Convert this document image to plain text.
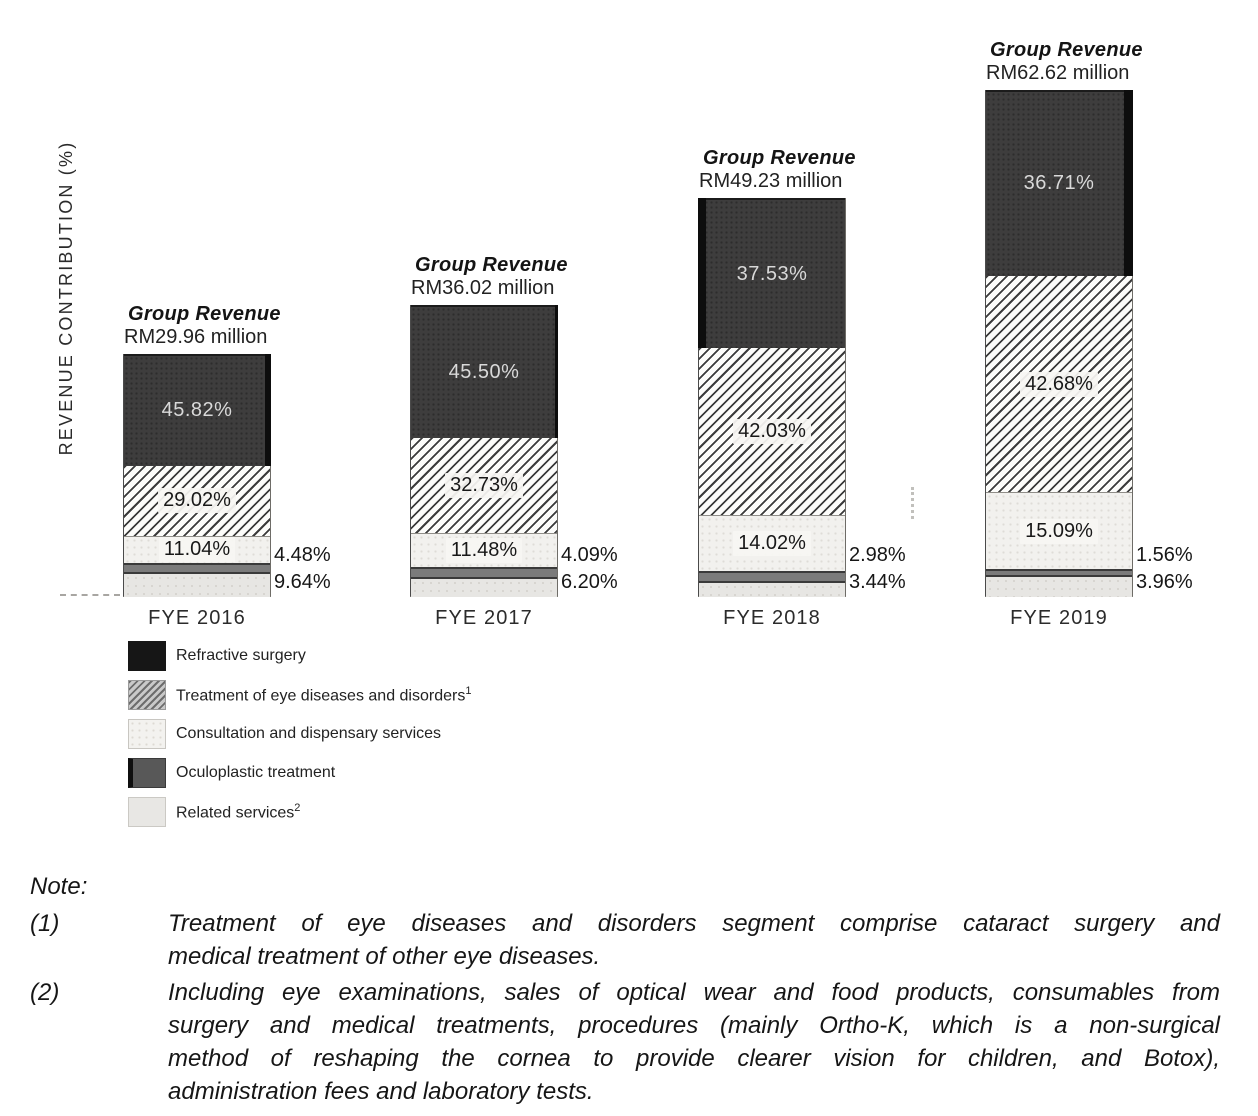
REVENUE CONTRIBUTION (%)	45.82%
29.02%
11.04% 4.48%
9.64%
Group Revenue
RM29.96 million
FYE 2016
45.50%
32.73%
11.48% 4.09%
6.20%
Group Revenue
RM36.02 million
FYE 2017
37.53%
42.03%
14.02%
2.98%
3.44%
Group Revenue
RM49.23 million
FYE 2018
36.71%
42.68%
15.09%
1.56%
3.96%
Group Revenue
RM62.62 million
FYE 2019
Refractive surgery
Treatment of eye diseases and disorders$^1$
Consultation and dispensary services
Oculoplastic treatment
Related services$^2$
Note:
(1)	Treatment of eye diseases and disorders segment comprise cataract surgery and
medical treatment of other eye diseases.
(2)	Including eye examinations, sales of optical wear and food products, consumables from
surgery and medical treatments, procedures (mainly Ortho-K, which is a non-surgical
method of reshaping the cornea to provide clearer vision for children, and Botox),
administration fees and laboratory tests.
